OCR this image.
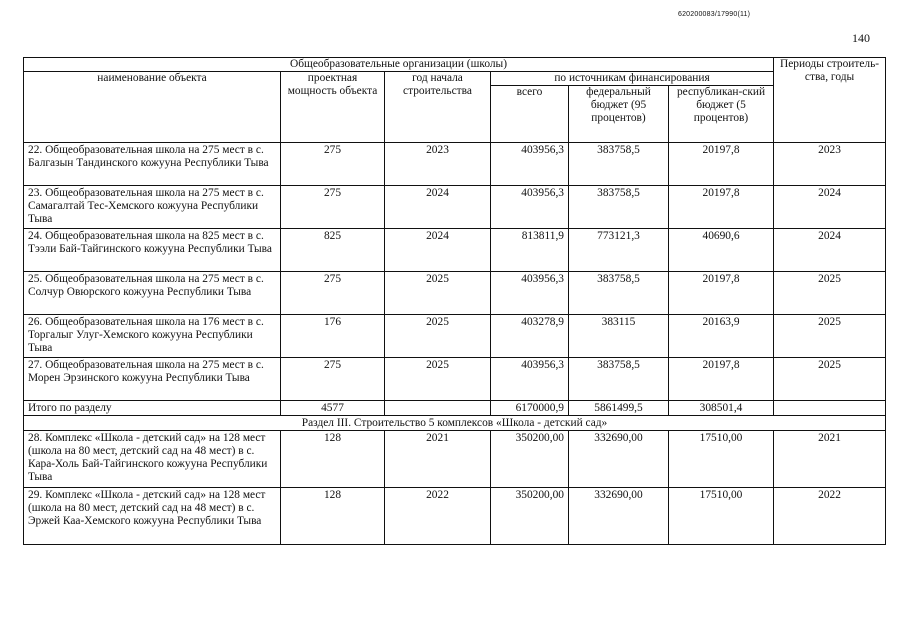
620200083/17990(11)
140
Общеобразовательные организации (школы)						Периоды строитель-ства, годы
наименование объекта	проектная мощность объекта	год начала строительства	по источникам финансирования			
			всего	федеральный бюджет (95 процентов)	республикан-ский бюджет (5 процентов)	
22. Общеобразовательная школа на 275 мест в с. Балгазын Тандинского кожууна Республики Тыва	275	2023	403956,3	383758,5	20197,8	2023
23. Общеобразовательная школа на 275 мест в с. Самагалтай Тес-Хемского кожууна Республики Тыва	275	2024	403956,3	383758,5	20197,8	2024
24. Общеобразовательная школа на 825 мест в с. Тээли Бай-Тайгинского кожууна Республики Тыва	825	2024	813811,9	773121,3	40690,6	2024
25. Общеобразовательная школа на 275 мест в с. Солчур Овюрского кожууна Республики Тыва	275	2025	403956,3	383758,5	20197,8	2025
26. Общеобразовательная школа на 176 мест в с. Торгалыг Улуг-Хемского кожууна Республики Тыва	176	2025	403278,9	383115	20163,9	2025
27. Общеобразовательная школа на 275 мест в с. Морен Эрзинского кожууна Республики Тыва	275	2025	403956,3	383758,5	20197,8	2025
Итого по разделу	4577		6170000,9	5861499,5	308501,4	
Раздел III. Строительство 5 комплексов «Школа - детский сад»						
28. Комплекс «Школа - детский сад» на 128 мест (школа на 80 мест, детский сад на 48 мест) в с. Кара-Холь Бай-Тайгинского кожууна Республики Тыва	128	2021	350200,00	332690,00	17510,00	2021
29. Комплекс «Школа - детский сад» на 128 мест (школа на 80 мест, детский сад на 48 мест) в с. Эржей Каа-Хемского кожууна Республики Тыва	128	2022	350200,00	332690,00	17510,00	2022
